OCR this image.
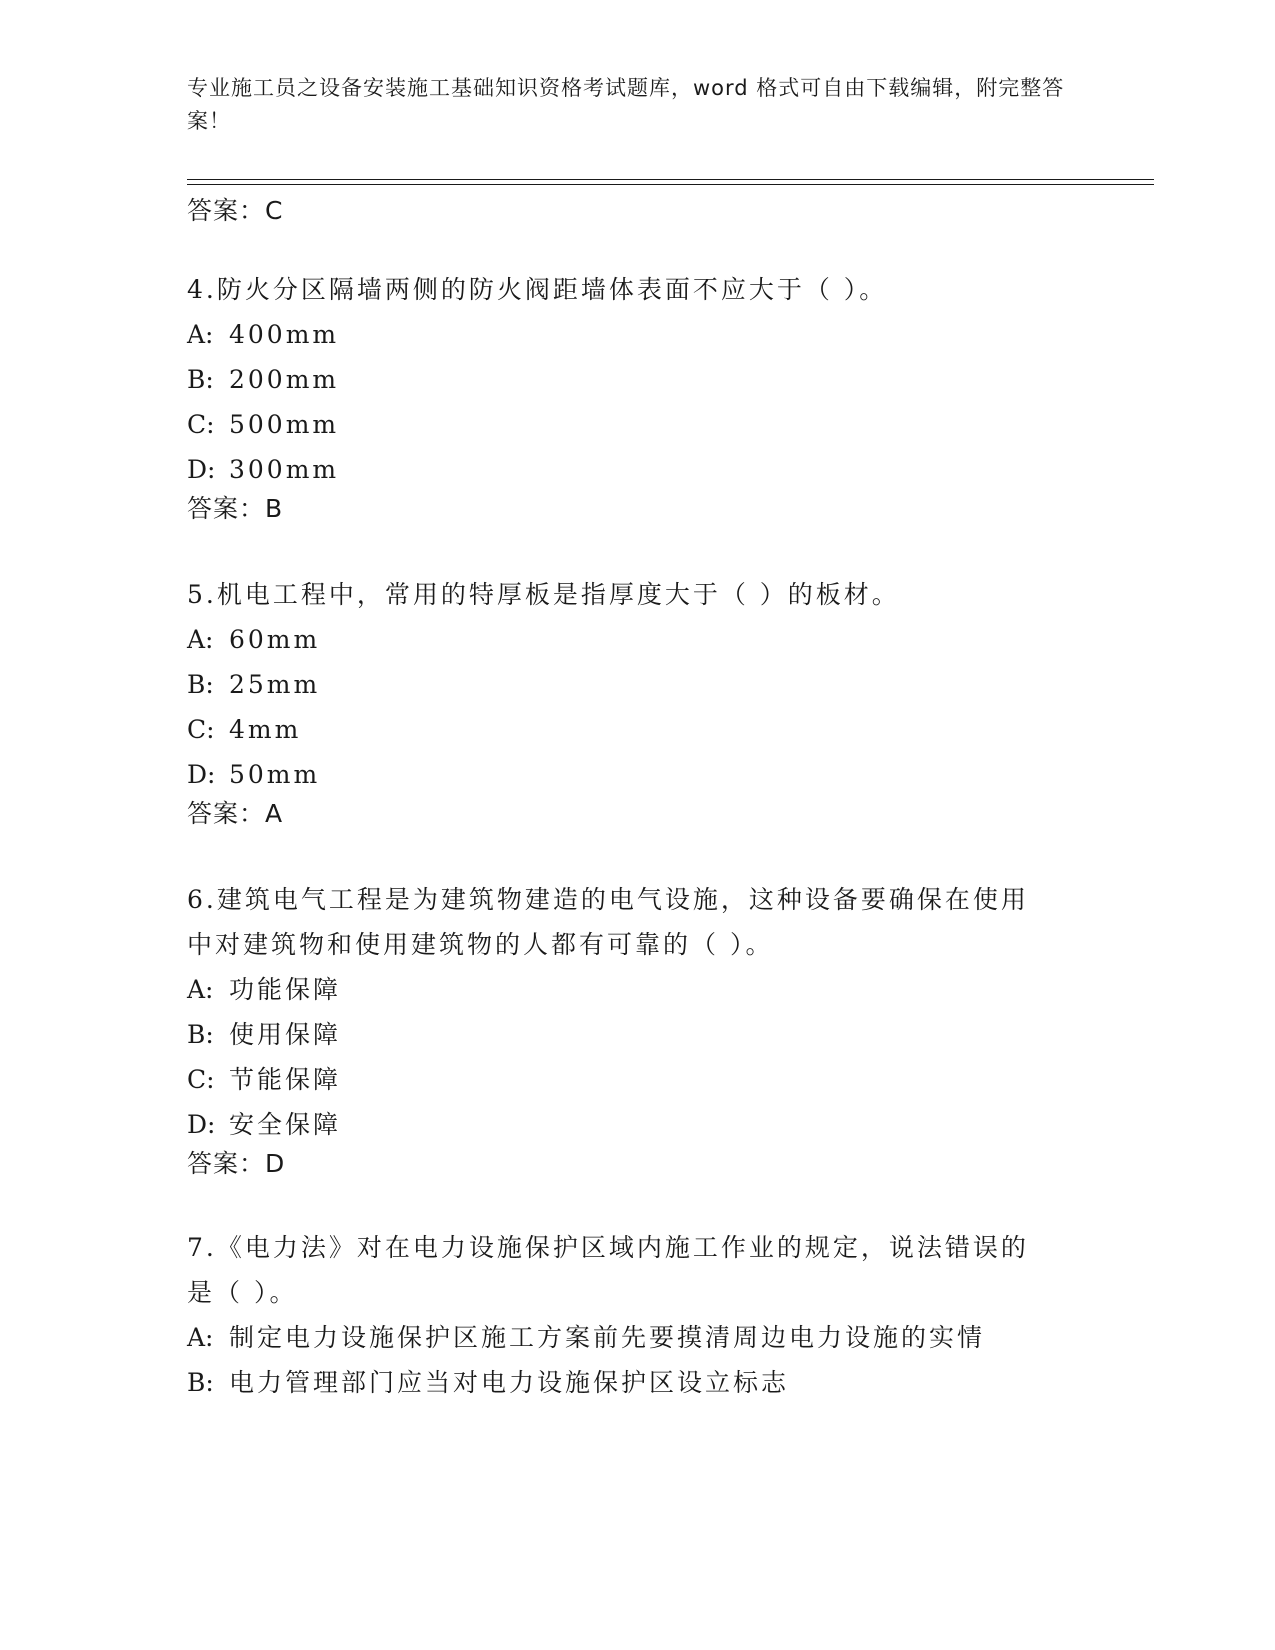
专业施工员之设备安装施工基础知识资格考试题库，word 格式可自由下载编辑，附完整答案！
答案：C

4.防火分区隔墙两侧的防火阀距墙体表面不应大于（ ）。

A: 400mm
B: 200mm
C: 500mm
D: 300mm
答案：B

5.机电工程中，常用的特厚板是指厚度大于（ ）的板材。

A: 60mm
B: 25mm
C: 4mm
D: 50mm
答案：A

6.建筑电气工程是为建筑物建造的电气设施，这种设备要确保在使用中对建筑物和使用建筑物的人都有可靠的（ ）。

A: 功能保障
B: 使用保障
C: 节能保障
D: 安全保障
答案：D

7.《电力法》对在电力设施保护区域内施工作业的规定，说法错误的是（ ）。

A: 制定电力设施保护区施工方案前先要摸清周边电力设施的实情
B: 电力管理部门应当对电力设施保护区设立标志
